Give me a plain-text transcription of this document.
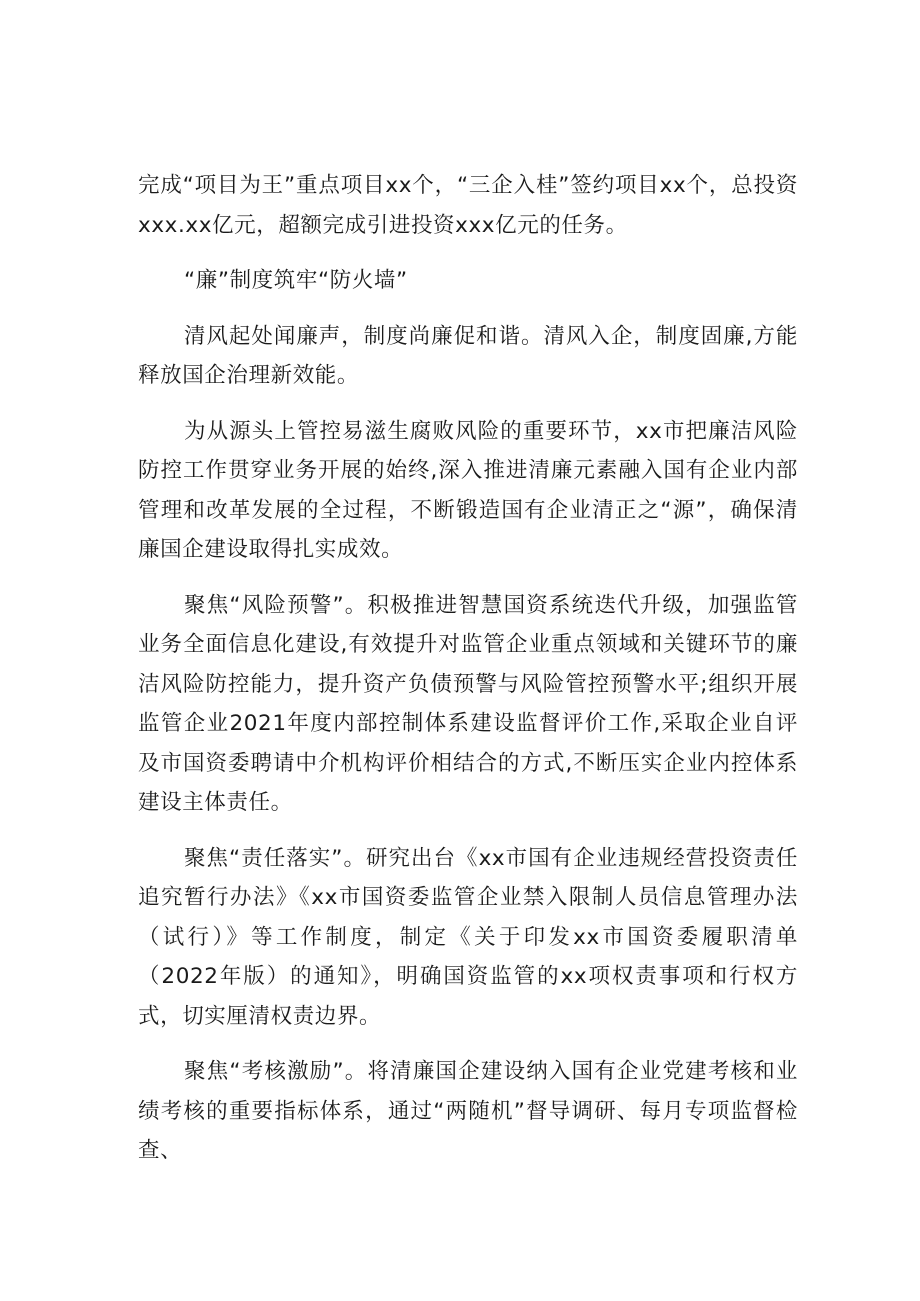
完成“项目为王”重点项目xx个，“三企入桂”签约项目xx个，总投资xxx.xx亿元，超额完成引进投资xxx亿元的任务。

“廉”制度筑牢“防火墙”

清风起处闻廉声，制度尚廉促和谐。清风入企，制度固廉,方能释放国企治理新效能。

为从源头上管控易滋生腐败风险的重要环节，xx市把廉洁风险防控工作贯穿业务开展的始终,深入推进清廉元素融入国有企业内部管理和改革发展的全过程，不断锻造国有企业清正之“源”，确保清廉国企建设取得扎实成效。

聚焦“风险预警”。积极推进智慧国资系统迭代升级，加强监管业务全面信息化建设,有效提升对监管企业重点领域和关键环节的廉洁风险防控能力，提升资产负债预警与风险管控预警水平;组织开展监管企业2021年度内部控制体系建设监督评价工作,采取企业自评及市国资委聘请中介机构评价相结合的方式,不断压实企业内控体系建设主体责任。

聚焦“责任落实”。研究出台《xx市国有企业违规经营投资责任追究暂行办法》《xx市国资委监管企业禁入限制人员信息管理办法（试行）》等工作制度，制定《关于印发xx市国资委履职清单（2022年版）的通知》，明确国资监管的xx项权责事项和行权方式，切实厘清权责边界。

聚焦“考核激励”。将清廉国企建设纳入国有企业党建考核和业绩考核的重要指标体系，通过“两随机”督导调研、每月专项监督检查、
